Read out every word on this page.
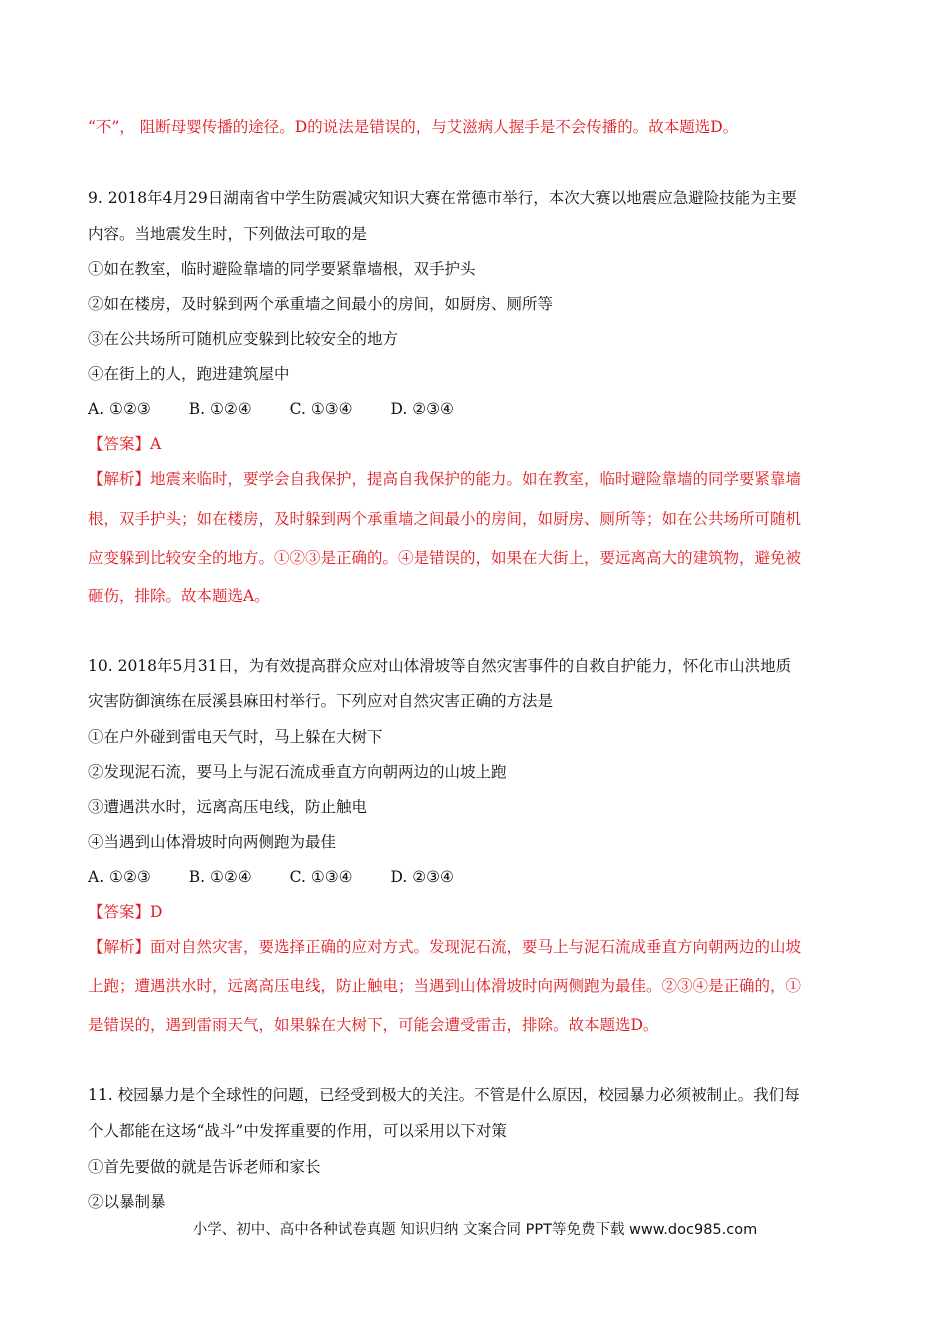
“不”， 阻断母婴传播的途径。D的说法是错误的，与艾滋病人握手是不会传播的。故本题选D。
9. 2018年4月29日湖南省中学生防震减灾知识大赛在常德市举行，本次大赛以地震应急避险技能为主要
内容。当地震发生时，下列做法可取的是
①如在教室，临时避险靠墙的同学要紧靠墙根，双手护头
②如在楼房，及时躲到两个承重墙之间最小的房间，如厨房、厕所等
③在公共场所可随机应变躲到比较安全的地方
④在街上的人，跑进建筑屋中
A. ①②③ B. ①②④ C. ①③④ D. ②③④
【答案】A
【解析】地震来临时，要学会自我保护，提高自我保护的能力。如在教室，临时避险靠墙的同学要紧靠墙
根，双手护头；如在楼房，及时躲到两个承重墙之间最小的房间，如厨房、厕所等；如在公共场所可随机
应变躲到比较安全的地方。①②③是正确的。④是错误的，如果在大街上，要远离高大的建筑物，避免被
砸伤，排除。故本题选A。
10. 2018年5月31日，为有效提高群众应对山体滑坡等自然灾害事件的自救自护能力，怀化市山洪地质
灾害防御演练在辰溪县麻田村举行。下列应对自然灾害正确的方法是
①在户外碰到雷电天气时，马上躲在大树下
②发现泥石流，要马上与泥石流成垂直方向朝两边的山坡上跑
③遭遇洪水时，远离高压电线，防止触电
④当遇到山体滑坡时向两侧跑为最佳
A. ①②③ B. ①②④ C. ①③④ D. ②③④
【答案】D
【解析】面对自然灾害，要选择正确的应对方式。发现泥石流，要马上与泥石流成垂直方向朝两边的山坡
上跑；遭遇洪水时，远离高压电线，防止触电；当遇到山体滑坡时向两侧跑为最佳。②③④是正确的，①
是错误的，遇到雷雨天气，如果躲在大树下，可能会遭受雷击，排除。故本题选D。
11. 校园暴力是个全球性的问题，已经受到极大的关注。不管是什么原因，校园暴力必须被制止。我们每
个人都能在这场“战斗”中发挥重要的作用，可以采用以下对策
①首先要做的就是告诉老师和家长
②以暴制暴
小学、初中、高中各种试卷真题 知识归纳 文案合同 PPT等免费下载 www.doc985.com
